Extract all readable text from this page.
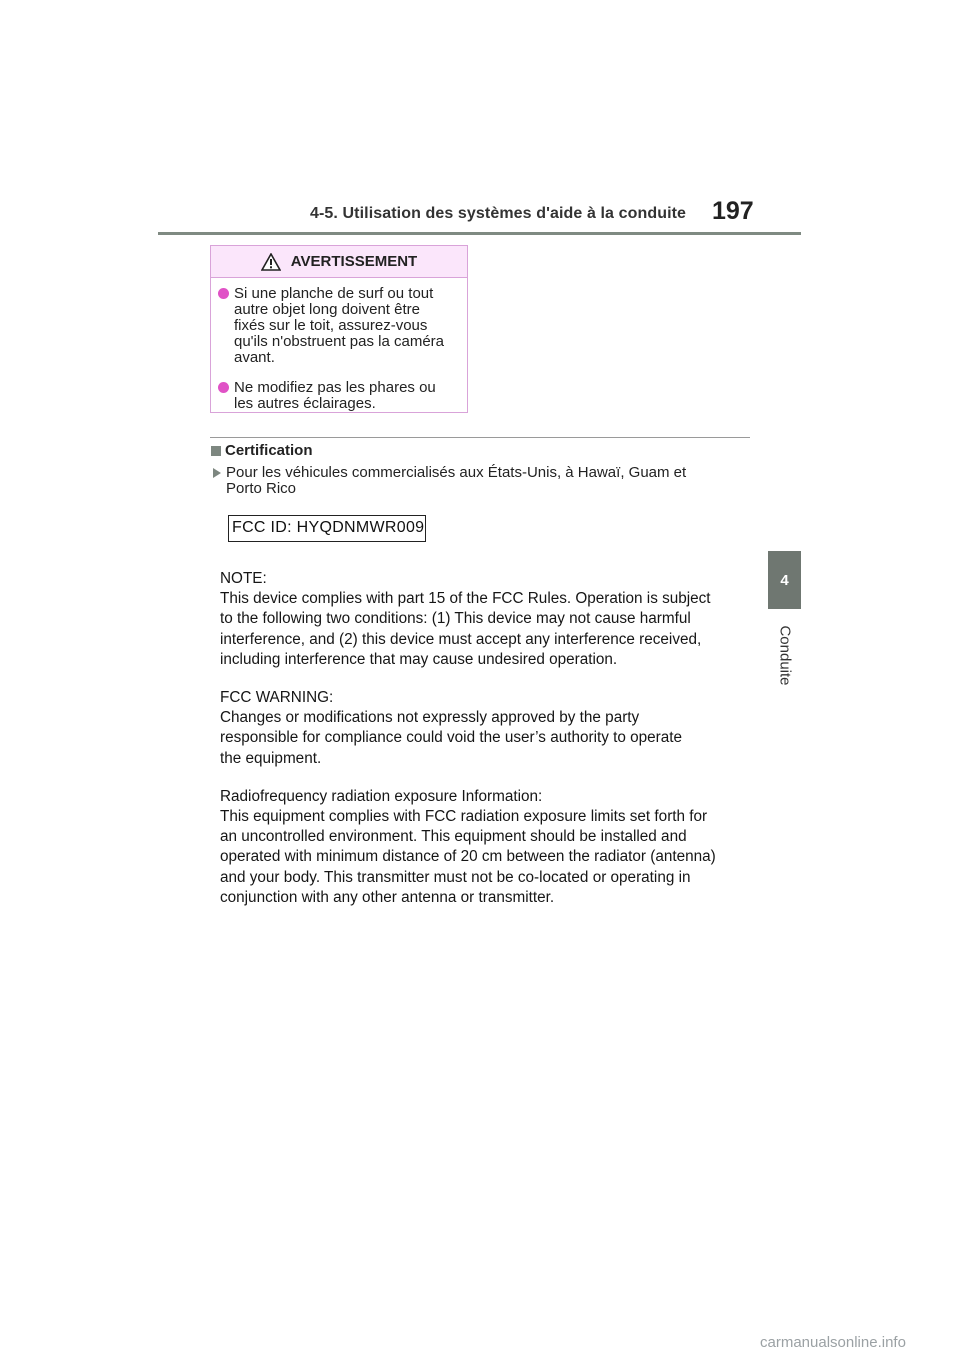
4-5. Utilisation des systèmes d'aide à la conduite 197
4
Conduite
AVERTISSEMENT
Si une planche de surf ou tout
autre objet long doivent être
fixés sur le toit, assurez-vous
qu'ils n'obstruent pas la caméra
avant.
Ne modifiez pas les phares ou
les autres éclairages.
Certification
Pour les véhicules commercialisés aux États-Unis, à Hawaï, Guam et
Porto Rico
FCC ID: HYQDNMWR009

NOTE:
This device complies with part 15 of the FCC Rules. Operation is subject
to the following two conditions: (1) This device may not cause harmful
interference, and (2) this device must accept any interference received,
including interference that may cause undesired operation.

FCC WARNING:
Changes or modifications not expressly approved by the party
responsible for compliance could void the user’s authority to operate
the equipment.

Radiofrequency radiation exposure Information:
This equipment complies with FCC radiation exposure limits set forth for
an uncontrolled environment. This equipment should be installed and
operated with minimum distance of 20 cm between the radiator (antenna)
and your body. This transmitter must not be co-located or operating in
conjunction with any other antenna or transmitter.

carmanualsonline.info
